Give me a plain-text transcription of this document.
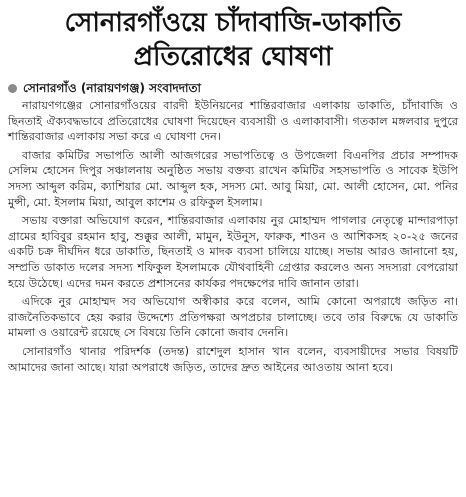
সোনারগাঁওয়ে চাঁদাবাজি-ডাকাতি
প্রতিরোধের ঘোষণা
সোনারগাঁও (নারায়ণগঞ্জ) সংবাদদাতা

নারায়ণগঞ্জের সোনারগাঁওয়ের বারদী ইউনিয়নের শান্তিরবাজার এলাকায় ডাকাতি, চাঁদাবাজি ও ছিনতাই ঐক্যবদ্ধভাবে প্রতিরোধের ঘোষণা দিয়েছেন ব্যবসায়ী ও এলাকাবাসী। গতকাল মঙ্গলবার দুপুরে শান্তিরবাজার এলাকায় সভা করে এ ঘোষণা দেন।

বাজার কমিটির সভাপতি আলী আজগরের সভাপতিত্বে ও উপজেলা বিএনপির প্রচার সম্পাদক সেলিম হোসেন দিপুর সঞ্চালনায় অনুষ্ঠিত সভায় বক্তব্য রাখেন কমিটির সহসভাপতি ও সাবেক ইউপি সদস্য আব্দুল করিম, ক্যাশিয়ার মো. আব্দুল হক, সদস্য মো. আবু মিয়া, মো. আলী হোসেন, মো. পনির মুন্সী, মো. ইসলাম মিয়া, আবুল কাশেম ও রফিকুল ইসলাম।

সভায় বক্তারা অভিযোগ করেন, শান্তিরবাজার এলাকায় নুর মোহাম্মদ পাগলার নেতৃত্বে মান্দারপাড়া গ্রামের হাবিবুর রহমান হাবু, শুক্কুর আলী, মামুন, ইউনুস, ফারুক, শাওন ও আশিকসহ ২০-২৫ জনের একটি চক্র দীর্ঘদিন ধরে ডাকাতি, ছিনতাই ও মাদক ব্যবসা চালিয়ে যাচ্ছে। সভায় আরও জানানো হয়, সম্প্রতি ডাকাত দলের সদস্য শফিকুল ইসলামকে যৌথবাহিনী গ্রেপ্তার করলেও অন্য সদস্যরা বেপরোয়া হয়ে উঠেছে। এদের দমন করতে প্রশাসনের কার্যকর পদক্ষেপের দাবি জানান তারা।

এদিকে নুর মোহাম্মদ সব অভিযোগ অস্বীকার করে বলেন, আমি কোনো অপরাধে জড়িত না। রাজনৈতিকভাবে হেয় করার উদ্দেশ্যে প্রতিপক্ষরা অপপ্রচার চালাচ্ছে। তবে তার বিরুদ্ধে যে ডাকাতি মামলা ও ওয়ারেন্ট রয়েছে সে বিষয়ে তিনি কোনো জবাব দেননি।

সোনারগাঁও থানার পরিদর্শক (তদন্ত) রাশেদুল হাসান খান বলেন, ব্যবসায়ীদের সভার বিষয়টি আমাদের জানা আছে। যারা অপরাধে জড়িত, তাদের দ্রুত আইনের আওতায় আনা হবে।
